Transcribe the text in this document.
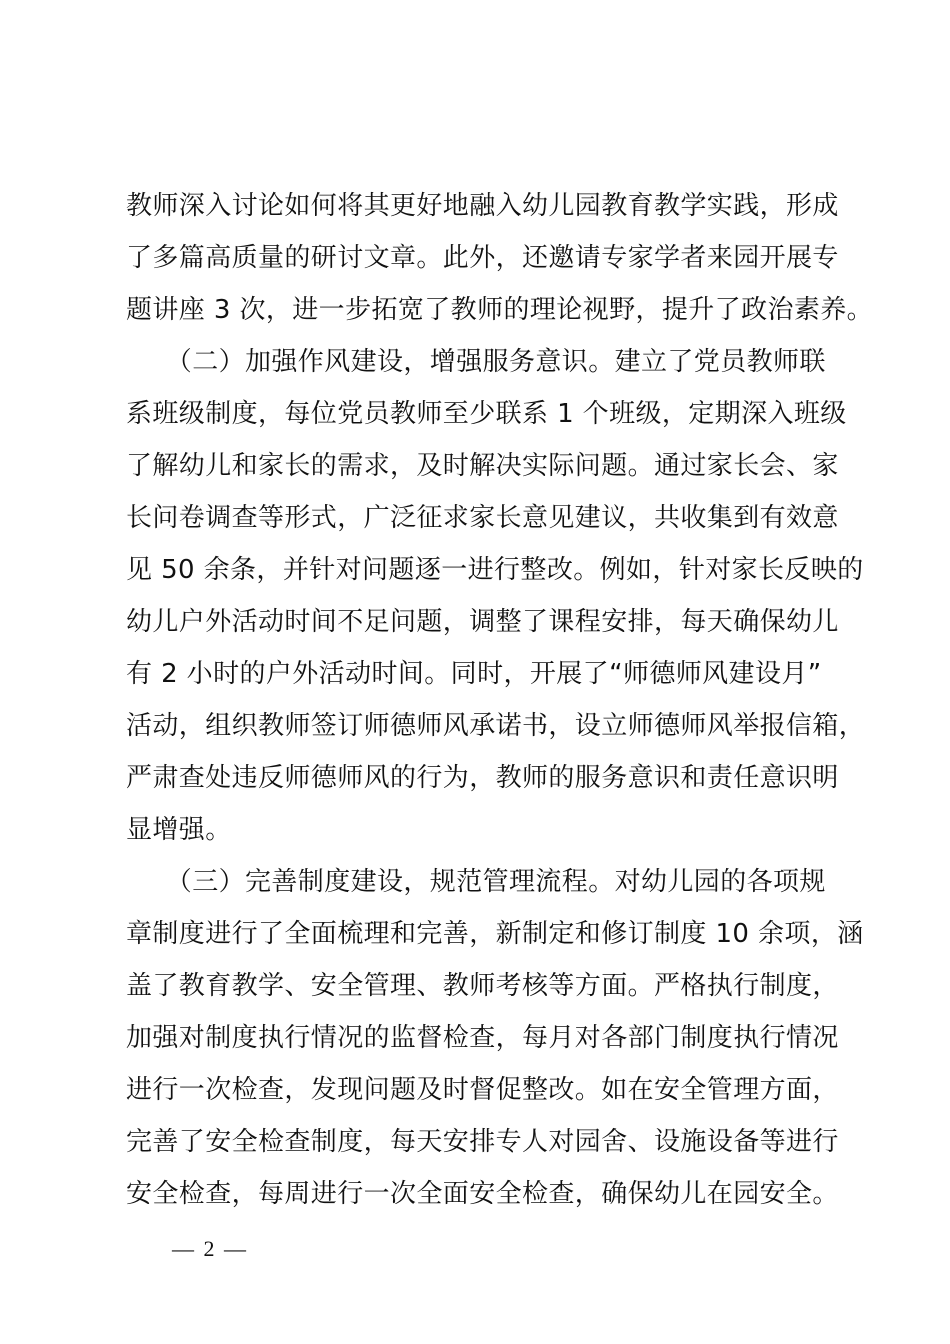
教师深入讨论如何将其更好地融入幼儿园教育教学实践，形成
了多篇高质量的研讨文章。此外，还邀请专家学者来园开展专
题讲座 3 次，进一步拓宽了教师的理论视野，提升了政治素养。
　　（二）加强作风建设，增强服务意识。建立了党员教师联
系班级制度，每位党员教师至少联系 1 个班级，定期深入班级
了解幼儿和家长的需求，及时解决实际问题。通过家长会、家
长问卷调查等形式，广泛征求家长意见建议，共收集到有效意
见 50 余条，并针对问题逐一进行整改。例如，针对家长反映的
幼儿户外活动时间不足问题，调整了课程安排，每天确保幼儿
有 2 小时的户外活动时间。同时，开展了“师德师风建设月”
活动，组织教师签订师德师风承诺书，设立师德师风举报信箱，
严肃查处违反师德师风的行为，教师的服务意识和责任意识明
显增强。
　　（三）完善制度建设，规范管理流程。对幼儿园的各项规
章制度进行了全面梳理和完善，新制定和修订制度 10 余项，涵
盖了教育教学、安全管理、教师考核等方面。严格执行制度，
加强对制度执行情况的监督检查，每月对各部门制度执行情况
进行一次检查，发现问题及时督促整改。如在安全管理方面，
完善了安全检查制度，每天安排专人对园舍、设施设备等进行
安全检查，每周进行一次全面安全检查，确保幼儿在园安全。
— 2 —
